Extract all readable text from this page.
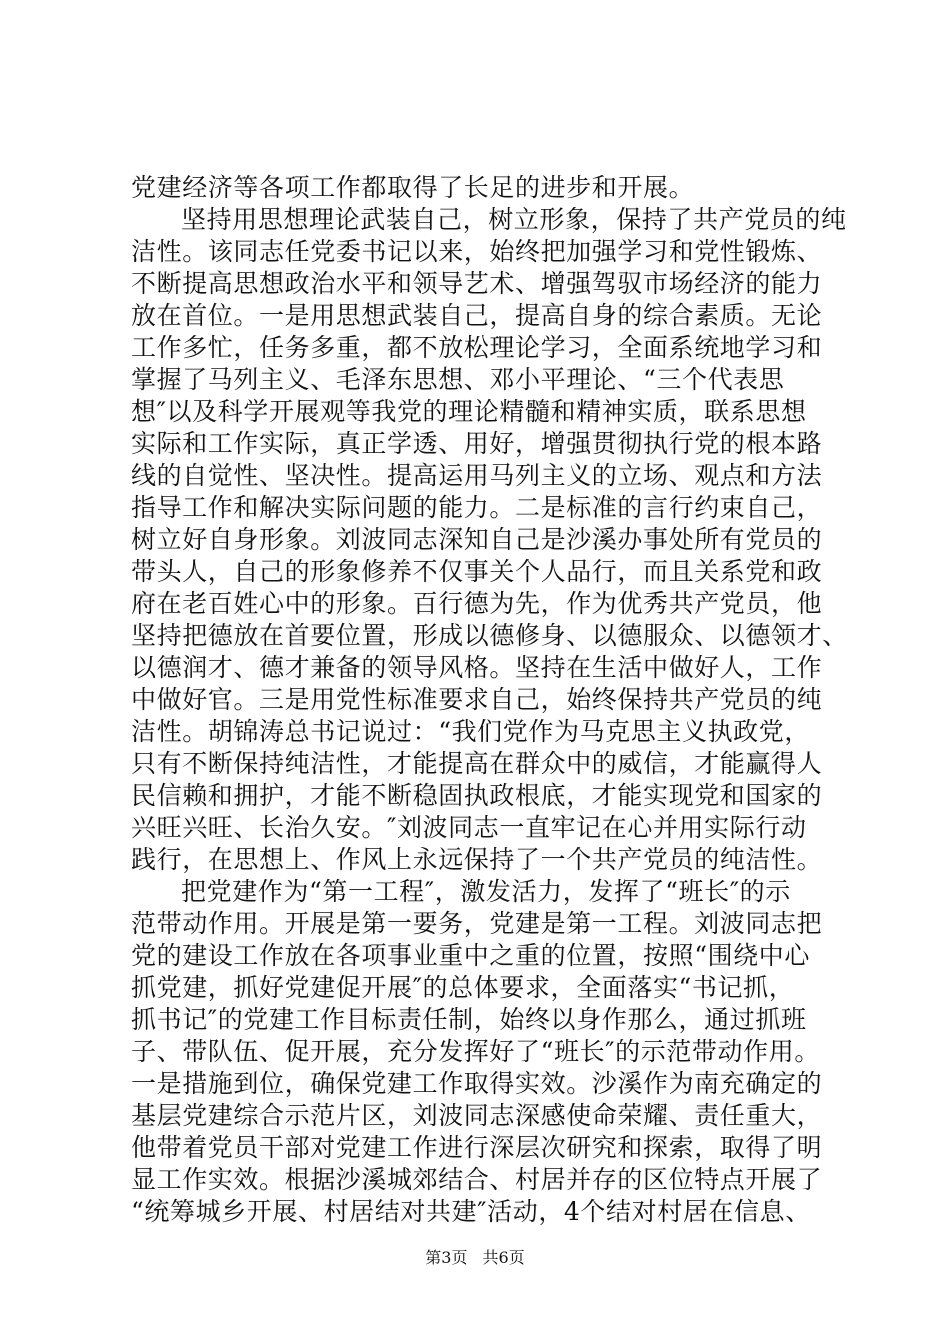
党建经济等各项工作都取得了长足的进步和开展。
坚持用思想理论武装自己，树立形象，保持了共产党员的纯
洁性。该同志任党委书记以来，始终把加强学习和党性锻炼、
不断提高思想政治水平和领导艺术、增强驾驭市场经济的能力
放在首位。一是用思想武装自己，提高自身的综合素质。无论
工作多忙，任务多重，都不放松理论学习，全面系统地学习和
掌握了马列主义、毛泽东思想、邓小平理论、“三个代表思
想″以及科学开展观等我党的理论精髓和精神实质，联系思想
实际和工作实际，真正学透、用好，增强贯彻执行党的根本路
线的自觉性、坚决性。提高运用马列主义的立场、观点和方法
指导工作和解决实际问题的能力。二是标准的言行约束自己，
树立好自身形象。刘波同志深知自己是沙溪办事处所有党员的
带头人，自己的形象修养不仅事关个人品行，而且关系党和政
府在老百姓心中的形象。百行德为先，作为优秀共产党员，他
坚持把德放在首要位置，形成以德修身、以德服众、以德领才、
以德润才、德才兼备的领导风格。坚持在生活中做好人，工作
中做好官。三是用党性标准要求自己，始终保持共产党员的纯
洁性。胡锦涛总书记说过：“我们党作为马克思主义执政党，
只有不断保持纯洁性，才能提高在群众中的威信，才能赢得人
民信赖和拥护，才能不断稳固执政根底，才能实现党和国家的
兴旺兴旺、长治久安。″刘波同志一直牢记在心并用实际行动
践行，在思想上、作风上永远保持了一个共产党员的纯洁性。
把党建作为“第一工程″，激发活力，发挥了“班长″的示
范带动作用。开展是第一要务，党建是第一工程。刘波同志把
党的建设工作放在各项事业重中之重的位置，按照“围绕中心
抓党建，抓好党建促开展″的总体要求，全面落实“书记抓，
抓书记″的党建工作目标责任制，始终以身作那么，通过抓班
子、带队伍、促开展，充分发挥好了“班长″的示范带动作用。
一是措施到位，确保党建工作取得实效。沙溪作为南充确定的
基层党建综合示范片区，刘波同志深感使命荣耀、责任重大，
他带着党员干部对党建工作进行深层次研究和探索，取得了明
显工作实效。根据沙溪城郊结合、村居并存的区位特点开展了
“统筹城乡开展、村居结对共建″活动，4个结对村居在信息、
第3页 共6页
